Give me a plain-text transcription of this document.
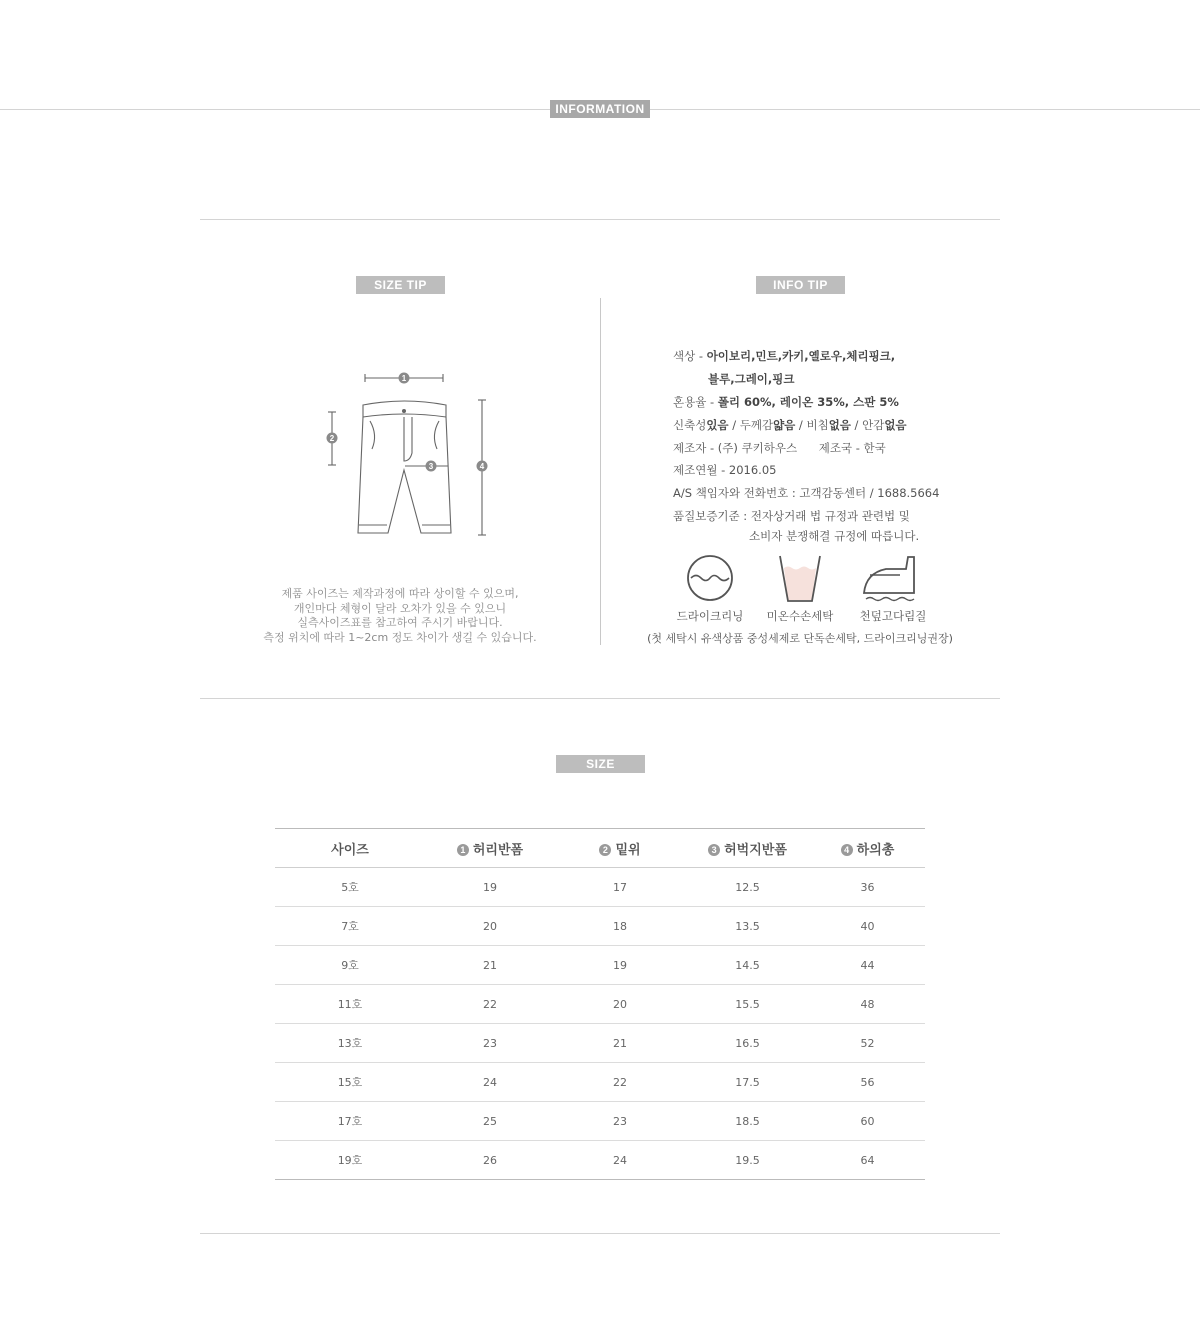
INFORMATION
SIZE TIP
1
2
3	4
제품 사이즈는 제작과정에 따라 상이할 수 있으며,
개인마다 체형이 달라 오차가 있을 수 있으니
실측사이즈표를 참고하여 주시기 바랍니다.
측정 위치에 따라 1~2cm 정도 차이가 생길 수 있습니다.
INFO TIP
색상 - 아이보리,민트,카키,옐로우,체리핑크,
블루,그레이,핑크
혼용율 - 폴리 60%, 레이온 35%, 스판 5%
신축성있음 / 두께감얇음 / 비침없음 / 안감없음
제조자 - (주) 쿠키하우스 제조국 - 한국
제조연월 - 2016.05
A/S 책임자와 전화번호 : 고객감동센터 / 1688.5664
품질보증기준 : 전자상거래 법 규정과 관련법 및
소비자 분쟁해결 규정에 따릅니다.
드라이크리닝	미온수손세탁	천덮고다림질
(첫 세탁시 유색상품 중성세제로 단독손세탁, 드라이크리닝권장)
SIZE
사이즈	1 허리반폼	2 밑위	3 허벅지반폼	4 하의총
5호	19	17	12.5	36
7호	20	18	13.5	40
9호	21	19	14.5	44
11호	22	20	15.5	48
13호	23	21	16.5	52
15호	24	22	17.5	56
17호	25	23	18.5	60
19호	26	24	19.5	64
